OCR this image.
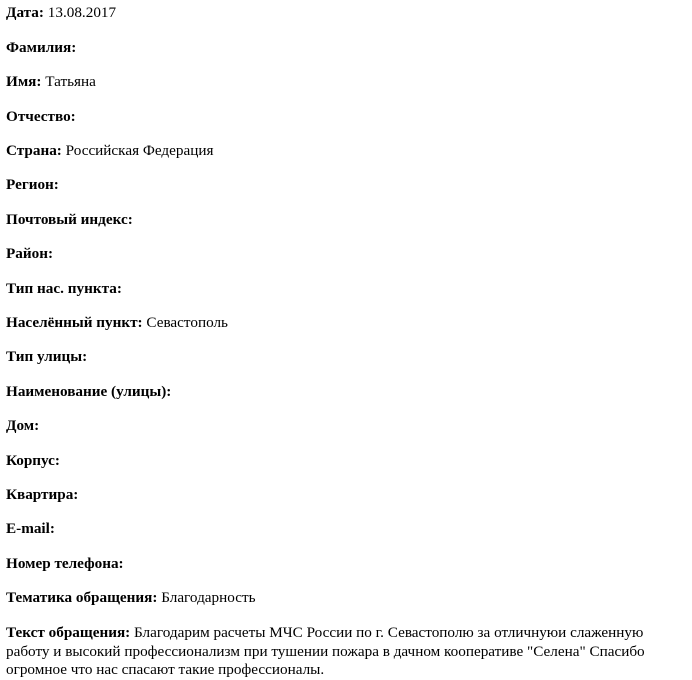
Дата: 13.08.2017
Фамилия:
Имя: Татьяна
Отчество:
Страна: Российская Федерация
Регион:
Почтовый индекс:
Район:
Тип нас. пункта:
Населённый пункт: Севастополь
Тип улицы:
Наименование (улицы):
Дом:
Корпус:
Квартира:
E-mail:
Номер телефона:
Тематика обращения: Благодарность
Текст обращения: Благодарим расчеты МЧС России по г. Севастополю за отличнуюи слаженную работу и высокий профессионализм при тушении пожара в дачном кооперативе "Селена" Спасибо огромное что нас спасают такие профессионалы.
